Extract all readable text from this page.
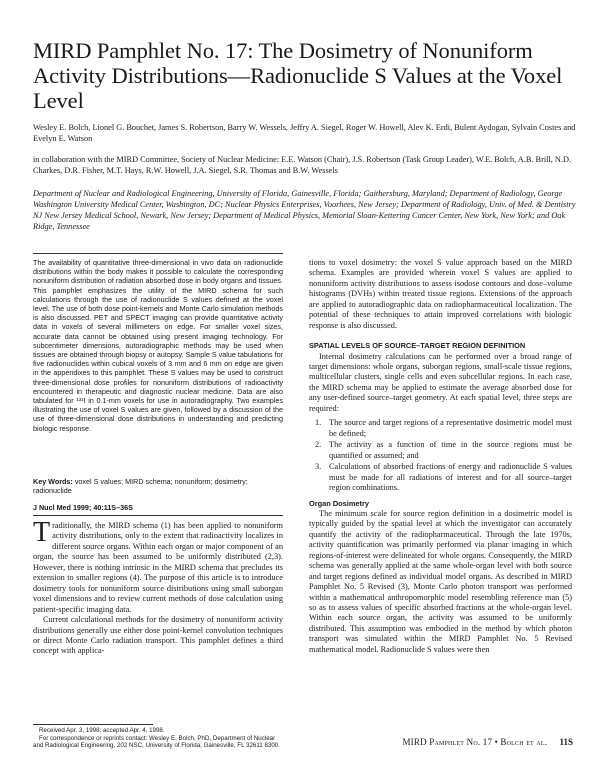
MIRD Pamphlet No. 17: The Dosimetry of Nonuniform Activity Distributions—Radionuclide S Values at the Voxel Level
Wesley E. Bolch, Lionel G. Bouchet, James S. Robertson, Barry W. Wessels, Jeffry A. Siegel, Roger W. Howell, Alev K. Erdi, Bulent Aydogan, Sylvain Costes and Evelyn E. Watson
in collaboration with the MIRD Committee, Society of Nuclear Medicine: E.E. Watson (Chair), J.S. Robertson (Task Group Leader), W.E. Bolch, A.B. Brill, N.D. Charkes, D.R. Fisher, M.T. Hays, R.W. Howell, J.A. Siegel, S.R. Thomas and B.W. Wessels
Department of Nuclear and Radiological Engineering, University of Florida, Gainesville, Florida; Gaithersburg, Maryland; Department of Radiology, George Washington University Medical Center, Washington, DC; Nuclear Physics Enterprises, Voorhees, New Jersey; Department of Radiology, Univ. of Med. & Dentistry NJ New Jersey Medical School, Newark, New Jersey; Department of Medical Physics, Memorial Sloan-Kettering Cancer Center, New York, New York; and Oak Ridge, Tennessee

The availability of quantitative three-dimensional in vivo data on radionuclide distributions within the body makes it possible to calculate the corresponding nonuniform distribution of radiation absorbed dose in body organs and tissues. This pamphlet emphasizes the utility of the MIRD schema for such calculations through the use of radionuclide S values defined at the voxel level. The use of both dose point-kernels and Monte Carlo simulation methods is also discussed. PET and SPECT imaging can provide quantitative activity data in voxels of several millimeters on edge. For smaller voxel sizes, accurate data cannot be obtained using present imaging technology. For subcentimeter dimensions, autoradiographic methods may be used when tissues are obtained through biopsy or autopsy. Sample S value tabulations for five radionuclides within cubical voxels of 3 mm and 6 mm on edge are given in the appendixes to this pamphlet. These S values may be used to construct three-dimensional dose profiles for nonuniform distributions of radioactivity encountered in therapeutic and diagnostic nuclear medicine. Data are also tabulated for ¹³¹I in 0.1-mm voxels for use in autoradiography. Two examples illustrating the use of voxel S values are given, followed by a discussion of the use of three-dimensional dose distributions in understanding and predicting biologic response.

Key Words: voxel S values; MIRD schema; nonuniform; dosimetry; radionuclide

J Nucl Med 1999; 40:11S–36S

Traditionally, the MIRD schema (1) has been applied to nonuniform activity distributions, only to the extent that radioactivity localizes in different source organs. Within each organ or major component of an organ, the source has been assumed to be uniformly distributed (2,3). However, there is nothing intrinsic in the MIRD schema that precludes its extension to smaller regions (4). The purpose of this article is to introduce dosimetry tools for nonuniform source distributions using small suborgan voxel dimensions and to review current methods of dose calculation using patient-specific imaging data.

Current calculational methods for the dosimetry of nonuniform activity distributions generally use either dose point-kernel convolution techniques or direct Monte Carlo radiation transport. This pamphlet defines a third concept with applica-

Received Apr. 3, 1998; accepted Apr. 4, 1998.

For correspondence or reprints contact: Wesley E. Bolch, PhD, Department of Nuclear and Radiological Engineering, 202 NSC, University of Florida, Gainesville, FL 32611 8300.

tions to voxel dosimetry: the voxel S value approach based on the MIRD schema. Examples are provided wherein voxel S values are applied to nonuniform activity distributions to assess isodose contours and dose–volume histograms (DVHs) within treated tissue regions. Extensions of the approach are applied to autoradiographic data on radiopharmaceutical localization. The potential of these techniques to attain improved correlations with biologic response is also discussed.

SPATIAL LEVELS OF SOURCE–TARGET REGION DEFINITION

Internal dosimetry calculations can be performed over a broad range of target dimensions: whole organs, suborgan regions, small-scale tissue regions, multicellular clusters, single cells and even subcellular regions. In each case, the MIRD schema may be applied to estimate the average absorbed dose for any user-defined source–target geometry. At each spatial level, three steps are required:

1. The source and target regions of a representative dosimetric model must be defined;
2. The activity as a function of time in the source regions must be quantified or assumed; and
3. Calculations of absorbed fractions of energy and radionuclide S values must be made for all radiations of interest and for all source–target region combinations.
Organ Dosimetry

The minimum scale for source region definition in a dosimetric model is typically guided by the spatial level at which the investigator can accurately quantify the activity of the radiopharmaceutical. Through the late 1970s, activity quantification was primarily performed via planar imaging in which regions-of-interest were delineated for whole organs. Consequently, the MIRD schema was generally applied at the same whole-organ level with both source and target regions defined as individual model organs. As described in MIRD Pamphlet No. 5 Revised (3), Monte Carlo photon transport was performed within a mathematical anthropomorphic model resembling reference man (5) so as to assess values of specific absorbed fractions at the whole-organ level. Within each source organ, the activity was assumed to be uniformly distributed. This assumption was embodied in the method by which photon transport was simulated within the MIRD Pamphlet No. 5 Revised mathematical model. Radionuclide S values were then

MIRD Pamphlet No. 17 • Bolch et al. 11S
